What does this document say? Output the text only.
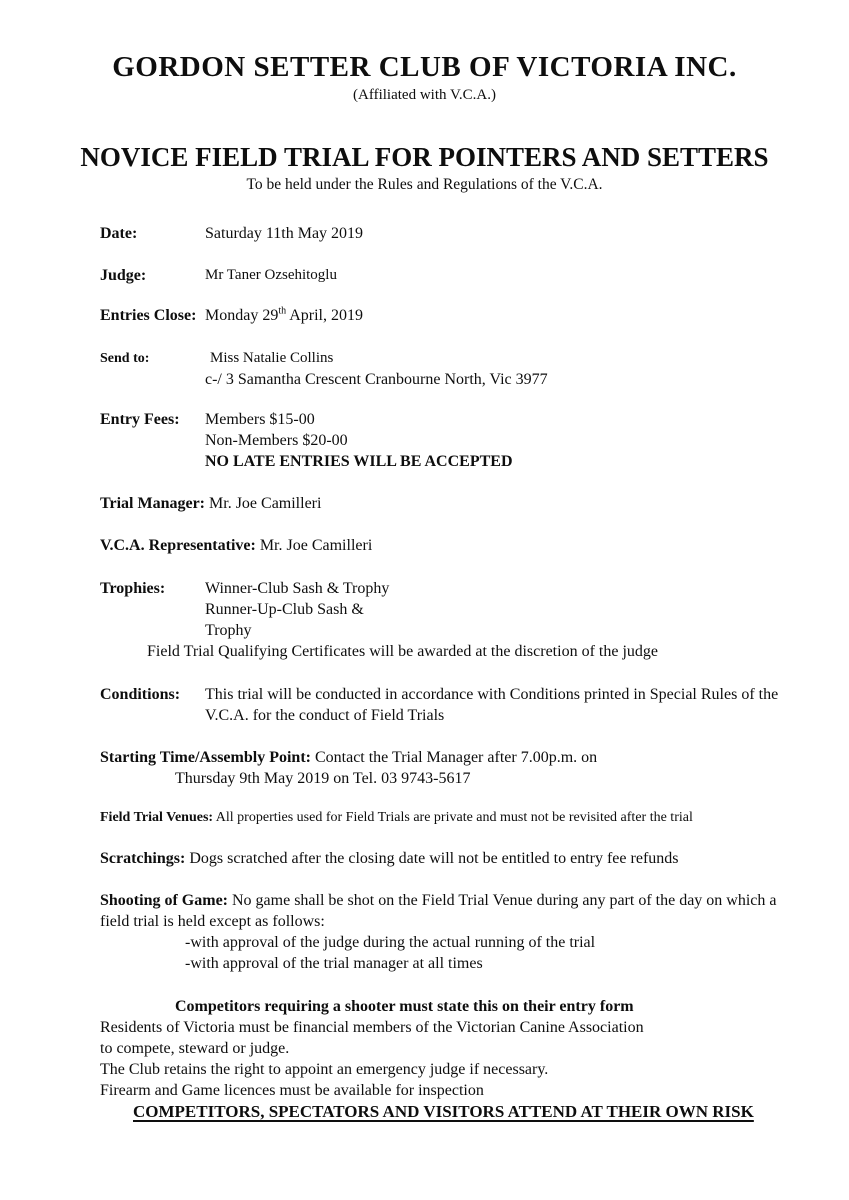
GORDON SETTER CLUB OF VICTORIA INC.
(Affiliated with V.C.A.)
NOVICE FIELD TRIAL FOR POINTERS AND SETTERS
To be held under the Rules and Regulations of the V.C.A.
Date:	Saturday 11th May 2019
Judge:	Mr Taner Ozsehitoglu
Entries Close: Monday 29th April, 2019
Send to:	Miss Natalie Collins
c-/ 3 Samantha Crescent Cranbourne North, Vic 3977
Entry Fees:	Members $15-00
Non-Members $20-00
NO LATE ENTRIES WILL BE ACCEPTED
Trial Manager: Mr. Joe Camilleri
V.C.A. Representative: Mr. Joe Camilleri
Trophies:	Winner-Club Sash & Trophy
Runner-Up-Club Sash &
Trophy
Field Trial Qualifying Certificates will be awarded at the discretion of the judge
Conditions:	This trial will be conducted in accordance with Conditions printed in Special Rules of the V.C.A. for the conduct of Field Trials
Starting Time/Assembly Point: Contact the Trial Manager after 7.00p.m. on
Thursday 9th May 2019 on Tel. 03 9743-5617
Field Trial Venues: All properties used for Field Trials are private and must not be revisited after the trial
Scratchings: Dogs scratched after the closing date will not be entitled to entry fee refunds
Shooting of Game: No game shall be shot on the Field Trial Venue during any part of the day on which a field trial is held except as follows:
-with approval of the judge during the actual running of the trial
-with approval of the trial manager at all times
Competitors requiring a shooter must state this on their entry form
Residents of Victoria must be financial members of the Victorian Canine Association
to compete, steward or judge.
The Club retains the right to appoint an emergency judge if necessary.
Firearm and Game licences must be available for inspection
COMPETITORS, SPECTATORS AND VISITORS ATTEND AT THEIR OWN RISK
